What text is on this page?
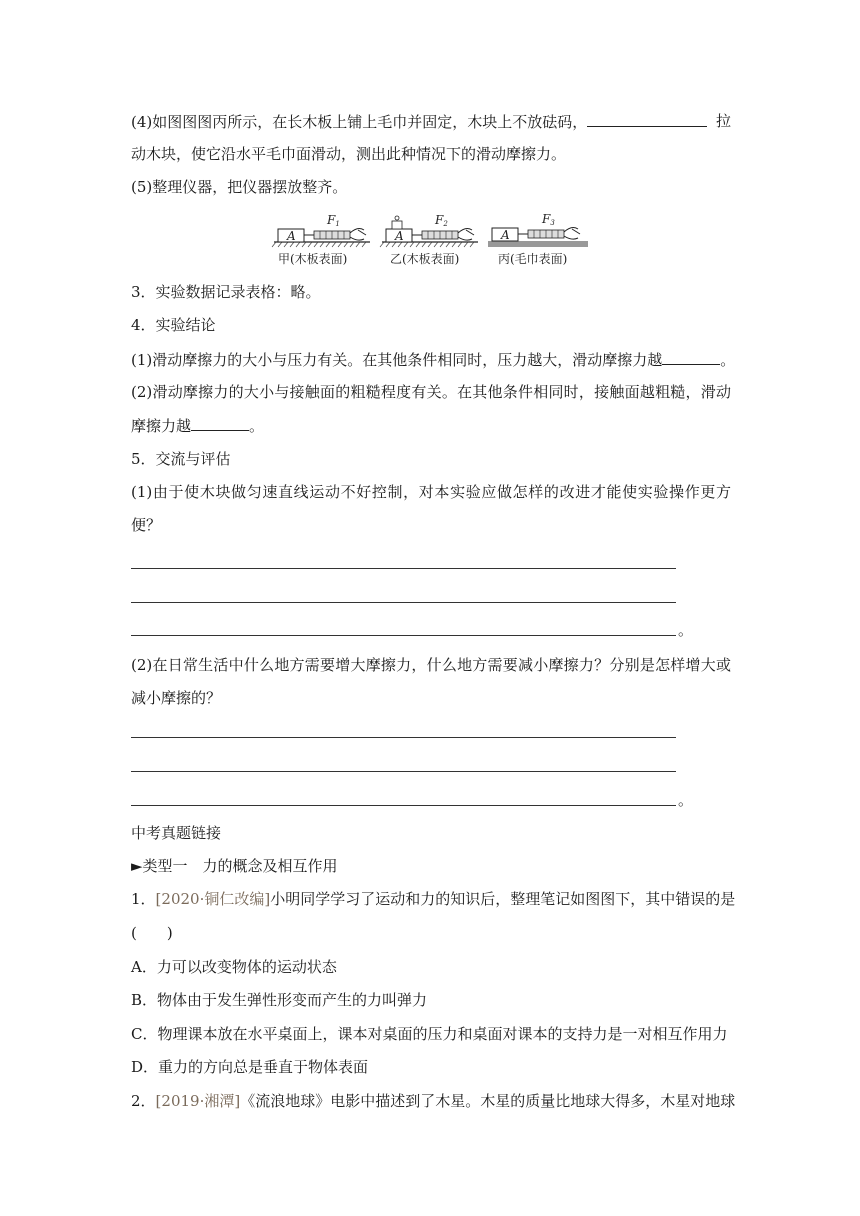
(4)如图图图丙所示，在长木板上铺上毛巾并固定，木块上不放砝码，	拉
动木块，使它沿水平毛巾面滑动，测出此种情况下的滑动摩擦力。
(5)整理仪器，把仪器摆放整齐。
A
F1
甲(木板表面)
A
F2
乙(木板表面)
A
F3
丙(毛巾表面)
3．实验数据记录表格：略。
4．实验结论
(1)滑动摩擦力的大小与压力有关。在其他条件相同时，压力越大，滑动摩擦力越	。
(2)滑动摩擦力的大小与接触面的粗糙程度有关。在其他条件相同时，接触面越粗糙，滑动
摩擦力越	。
5．交流与评估
(1)由于使木块做匀速直线运动不好控制，对本实验应做怎样的改进才能使实验操作更方
便？
。
(2)在日常生活中什么地方需要增大摩擦力，什么地方需要减小摩擦力？分别是怎样增大或
减小摩擦的？
。
中考真题链接
►类型一　力的概念及相互作用
1．[2020·铜仁改编]小明同学学习了运动和力的知识后，整理笔记如图图下，其中错误的是
(　　)
A．力可以改变物体的运动状态
B．物体由于发生弹性形变而产生的力叫弹力
C．物理课本放在水平桌面上，课本对桌面的压力和桌面对课本的支持力是一对相互作用力
D．重力的方向总是垂直于物体表面
2．[2019·湘潭]《流浪地球》电影中描述到了木星。木星的质量比地球大得多，木星对地球
